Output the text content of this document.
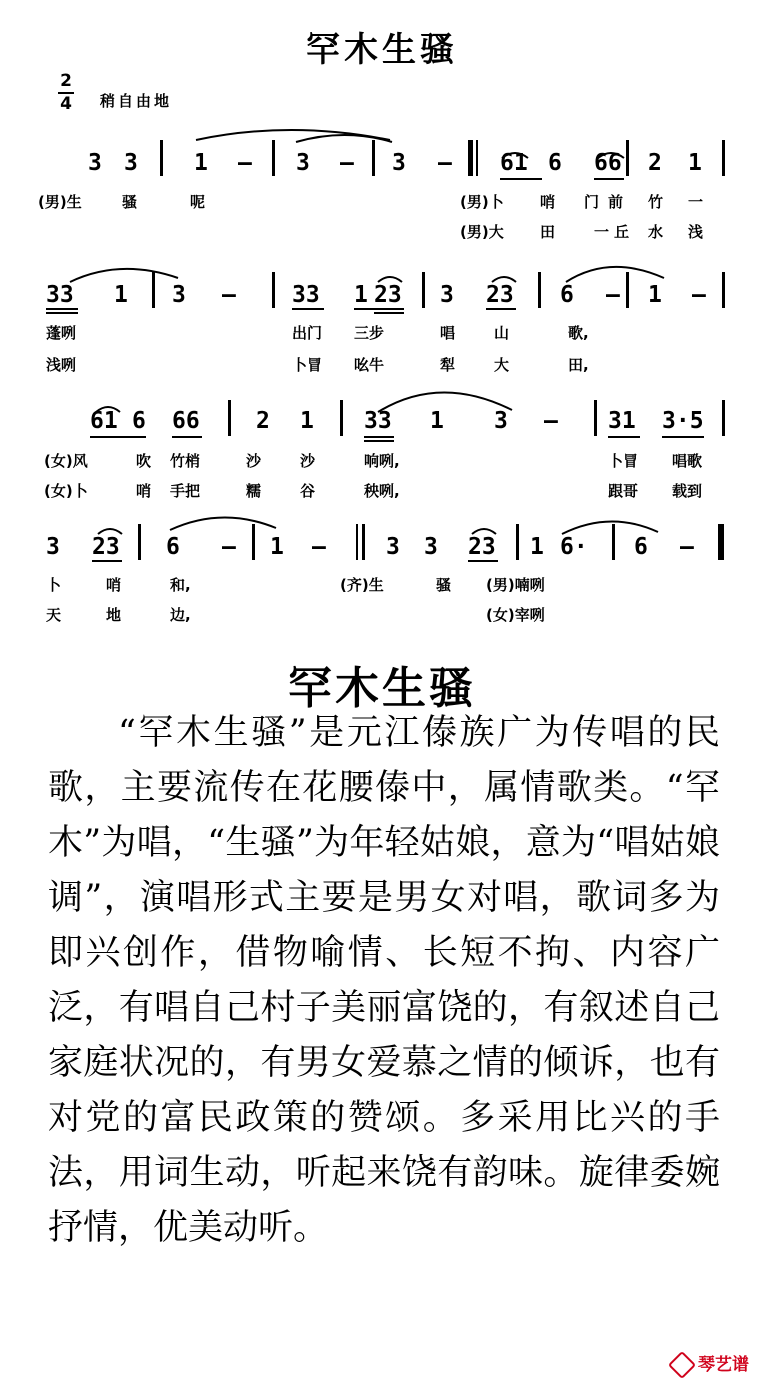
罕木生骚
2
4 稍自由地
3 3 1 – 3 – 3 – 61 6 66 2 1
(男)生	骚	呢	(男)卜 哨 门 前 竹 一
(男)大 田	一 丘 水 浅
33 1 3 – 33 1 23 3 23 6 – 1 –
蓬咧	出门 三步	唱	山	歌,
浅咧	卜冒 吆牛	犁	大	田,
61 6 66 2 1 33 1 3 – 31 3·5
(女)风	吹 竹梢	沙	沙	响咧,	卜冒 唱歌
(女)卜	哨 手把	糯	谷	秧咧,	跟哥 载到
3 23 6 – 1 –	3 3 23 1 6· 6 –
卜	哨	和,	(齐)生	骚 (男)喃咧
天	地	边,	(女)宰咧
罕木生骚

“罕木生骚”是元江傣族广为传唱的民歌，主要流传在花腰傣中，属情歌类。“罕木”为唱，“生骚”为年轻姑娘，意为“唱姑娘调”，演唱形式主要是男女对唱，歌词多为即兴创作，借物喻情、长短不拘、内容广泛，有唱自己村子美丽富饶的，有叙述自己家庭状况的，有男女爱慕之情的倾诉，也有对党的富民政策的赞颂。多采用比兴的手法，用词生动，听起来饶有韵味。旋律委婉抒情，优美动听。

琴艺谱
